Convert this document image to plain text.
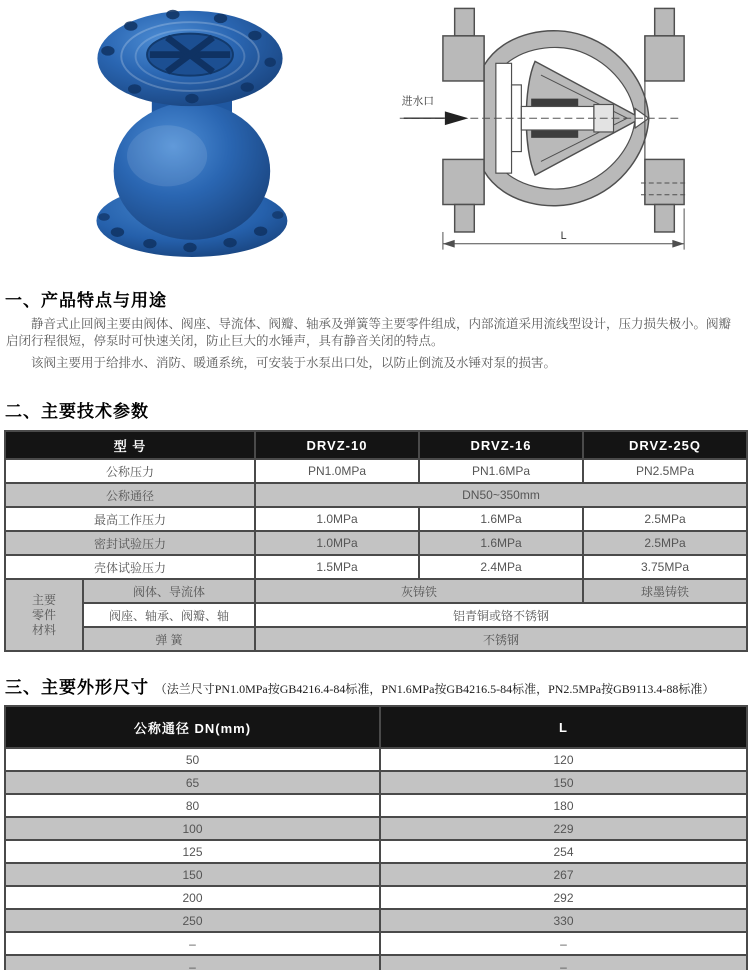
进水口
L
一、产品特点与用途

静音式止回阀主要由阀体、阀座、导流体、阀瓣、轴承及弹簧等主要零件组成，内部流道采用流线型设计，压力损失极小。阀瓣启闭行程很短，停泵时可快速关闭，防止巨大的水锤声，具有静音关闭的特点。

该阀主要用于给排水、消防、暖通系统，可安装于水泵出口处，以防止倒流及水锤对泵的损害。

二、主要技术参数
型 号		DRVZ-10	DRVZ-16	DRVZ-25Q
公称压力		PN1.0MPa	PN1.6MPa	PN2.5MPa
公称通径		DN50~350mm		
最高工作压力		1.0MPa	1.6MPa	2.5MPa
密封试验压力		1.0MPa	1.6MPa	2.5MPa
壳体试验压力		1.5MPa	2.4MPa	3.75MPa

主要
零件
材料	阀体、导流体	灰铸铁		球墨铸铁
	阀座、轴承、阀瓣、轴	铝青铜或铬不锈钢		
	弹 簧	不锈钢		
三、主要外形尺寸 （法兰尺寸PN1.0MPa按GB4216.4-84标准，PN1.6MPa按GB4216.5-84标准，PN2.5MPa按GB9113.4-88标准）
公称通径 DN(mm)	L
50	120
65	150
80	180
100	229
125	254
150	267
200	292
250	330
–	–
–	–
